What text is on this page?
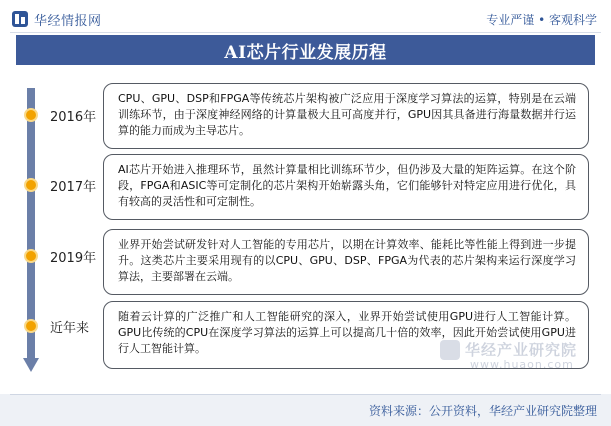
华经情报网	专业严谨 • 客观科学
AI芯片行业发展历程
2016年
CPU、GPU、DSP和FPGA等传统芯片架构被广泛应用于深度学习算法的运算，特别是在云端训练环节，由于深度神经网络的计算量极大且可高度并行，GPU因其具备进行海量数据并行运算的能力而成为主导芯片。
2017年
AI芯片开始进入推理环节，虽然计算量相比训练环节少，但仍涉及大量的矩阵运算。在这个阶段，FPGA和ASIC等可定制化的芯片架构开始崭露头角，它们能够针对特定应用进行优化，具有较高的灵活性和可定制性。
2019年
业界开始尝试研发针对人工智能的专用芯片，以期在计算效率、能耗比等性能上得到进一步提升。这类芯片主要采用现有的以CPU、GPU、DSP、FPGA为代表的芯片架构来运行深度学习算法，主要部署在云端。
近年来
随着云计算的广泛推广和人工智能研究的深入，业界开始尝试使用GPU进行人工智能计算。GPU比传统的CPU在深度学习算法的运算上可以提高几十倍的效率，因此开始尝试使用GPU进行人工智能计算。	华经产业研究院
www.huaon.com
资料来源：公开资料，华经产业研究院整理
